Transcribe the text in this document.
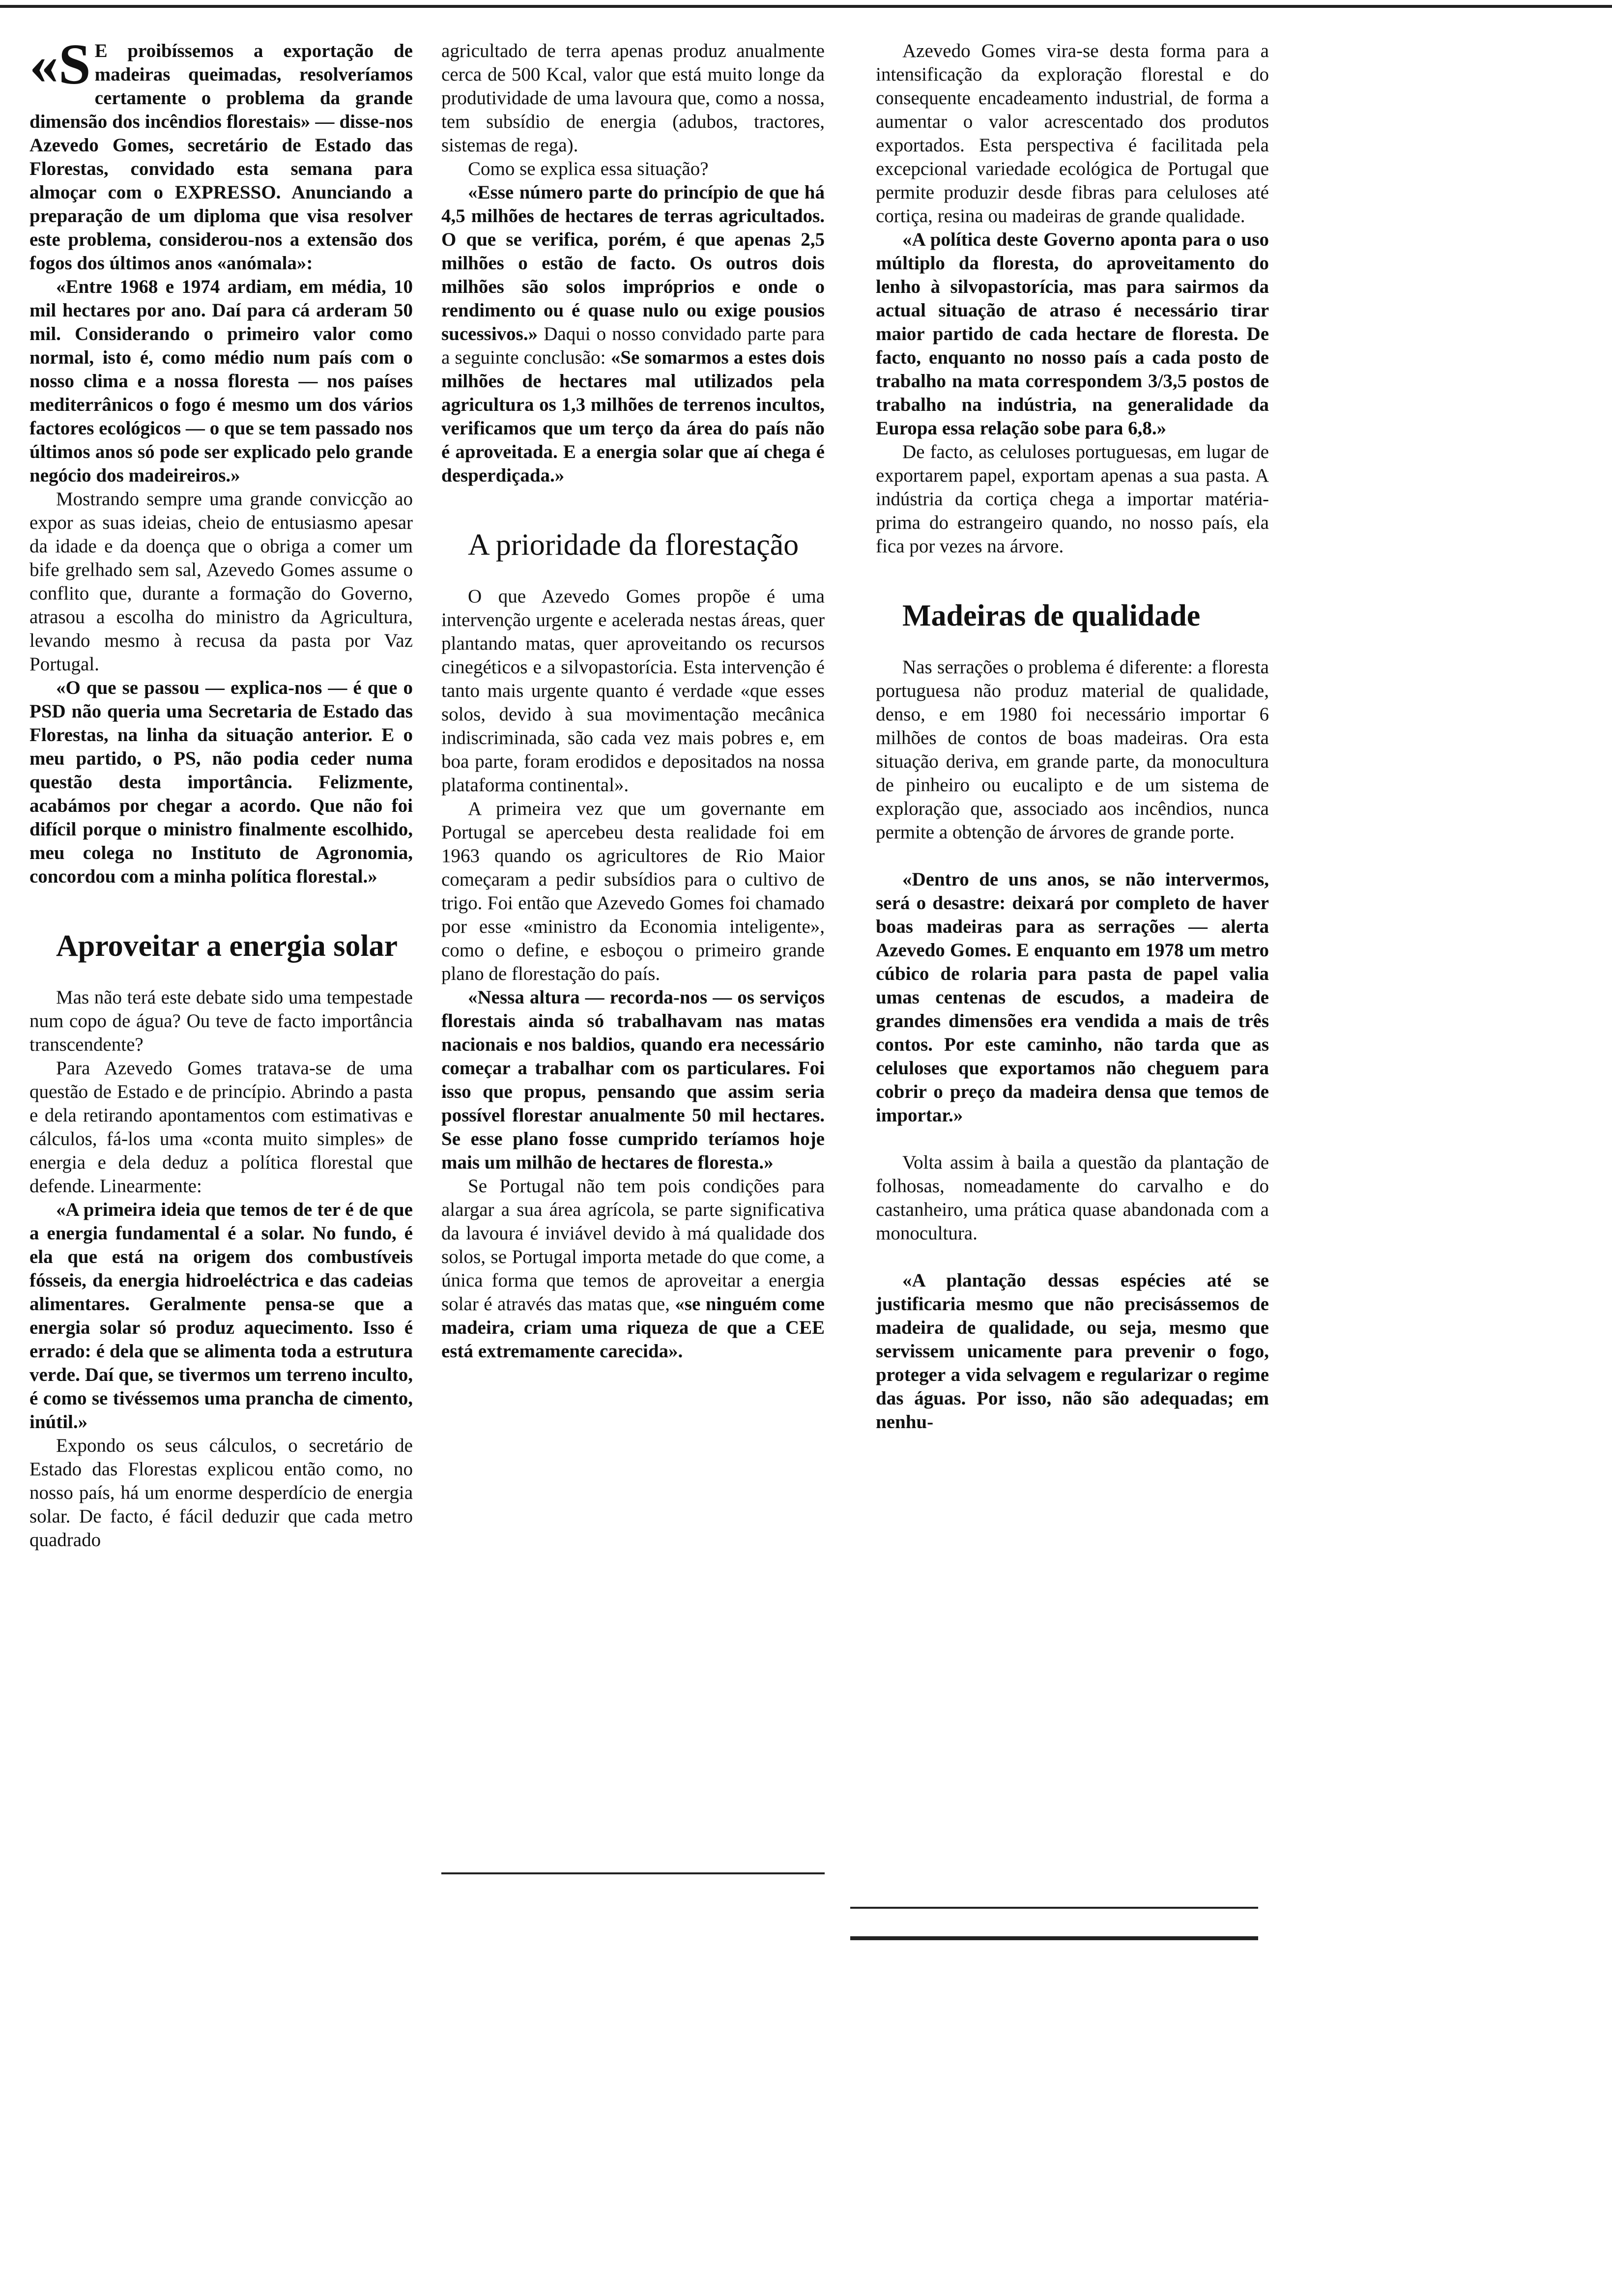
«S E proibíssemos a exportação de madeiras queimadas, resolveríamos certamente o problema da grande dimensão dos incêndios florestais» — disse-nos Azevedo Gomes, secretário de Estado das Florestas, convidado esta semana para almoçar com o EXPRESSO. Anunciando a preparação de um diploma que visa resolver este problema, considerou-nos a extensão dos fogos dos últimos anos «anómala»:

«Entre 1968 e 1974 ardiam, em média, 10 mil hectares por ano. Daí para cá arderam 50 mil. Considerando o primeiro valor como normal, isto é, como médio num país com o nosso clima e a nossa floresta — nos países mediterrânicos o fogo é mesmo um dos vários factores ecológicos — o que se tem passado nos últimos anos só pode ser explicado pelo grande negócio dos madeireiros.»

Mostrando sempre uma grande convicção ao expor as suas ideias, cheio de entusiasmo apesar da idade e da doença que o obriga a comer um bife grelhado sem sal, Azevedo Gomes assume o conflito que, durante a formação do Governo, atrasou a escolha do ministro da Agricultura, levando mesmo à recusa da pasta por Vaz Portugal.

«O que se passou — explica-nos — é que o PSD não queria uma Secretaria de Estado das Florestas, na linha da situação anterior. E o meu partido, o PS, não podia ceder numa questão desta importância. Felizmente, acabámos por chegar a acordo. Que não foi difícil porque o ministro finalmente escolhido, meu colega no Instituto de Agronomia, concordou com a minha política florestal.»

Aproveitar a energia solar

Mas não terá este debate sido uma tempestade num copo de água? Ou teve de facto importância transcendente?

Para Azevedo Gomes tratava-se de uma questão de Estado e de princípio. Abrindo a pasta e dela retirando apontamentos com estimativas e cálculos, fá-los uma «conta muito simples» de energia e dela deduz a política florestal que defende. Linearmente:

«A primeira ideia que temos de ter é de que a energia fundamental é a solar. No fundo, é ela que está na origem dos combustíveis fósseis, da energia hidroeléctrica e das cadeias alimentares. Geralmente pensa-se que a energia solar só produz aquecimento. Isso é errado: é dela que se alimenta toda a estrutura verde. Daí que, se tivermos um terreno inculto, é como se tivéssemos uma prancha de cimento, inútil.»

Expondo os seus cálculos, o secretário de Estado das Florestas explicou então como, no nosso país, há um enorme desperdício de energia solar. De facto, é fácil deduzir que cada metro quadrado

agricultado de terra apenas produz anualmente cerca de 500 Kcal, valor que está muito longe da produtividade de uma lavoura que, como a nossa, tem subsídio de energia (adubos, tractores, sistemas de rega).

Como se explica essa situação?

«Esse número parte do princípio de que há 4,5 milhões de hectares de terras agricultados. O que se verifica, porém, é que apenas 2,5 milhões o estão de facto. Os outros dois milhões são solos impróprios e onde o rendimento ou é quase nulo ou exige pousios sucessivos.» Daqui o nosso convidado parte para a seguinte conclusão: «Se somarmos a estes dois milhões de hectares mal utilizados pela agricultura os 1,3 milhões de terrenos incultos, verificamos que um terço da área do país não é aproveitada. E a energia solar que aí chega é desperdiçada.»

A prioridade da florestação

O que Azevedo Gomes propõe é uma intervenção urgente e acelerada nestas áreas, quer plantando matas, quer aproveitando os recursos cinegéticos e a silvopastorícia. Esta intervenção é tanto mais urgente quanto é verdade «que esses solos, devido à sua movimentação mecânica indiscriminada, são cada vez mais pobres e, em boa parte, foram erodidos e depositados na nossa plataforma continental».

A primeira vez que um governante em Portugal se apercebeu desta realidade foi em 1963 quando os agricultores de Rio Maior começaram a pedir subsídios para o cultivo de trigo. Foi então que Azevedo Gomes foi chamado por esse «ministro da Economia inteligente», como o define, e esboçou o primeiro grande plano de florestação do país.

«Nessa altura — recorda-nos — os serviços florestais ainda só trabalhavam nas matas nacionais e nos baldios, quando era necessário começar a trabalhar com os particulares. Foi isso que propus, pensando que assim seria possível florestar anualmente 50 mil hectares. Se esse plano fosse cumprido teríamos hoje mais um milhão de hectares de floresta.»

Se Portugal não tem pois condições para alargar a sua área agrícola, se parte significativa da lavoura é inviável devido à má qualidade dos solos, se Portugal importa metade do que come, a única forma que temos de aproveitar a energia solar é através das matas que, «se ninguém come madeira, criam uma riqueza de que a CEE está extremamente carecida».

Azevedo Gomes vira-se desta forma para a intensificação da exploração florestal e do consequente encadeamento industrial, de forma a aumentar o valor acrescentado dos produtos exportados. Esta perspectiva é facilitada pela excepcional variedade ecológica de Portugal que permite produzir desde fibras para celuloses até cortiça, resina ou madeiras de grande qualidade.

«A política deste Governo aponta para o uso múltiplo da floresta, do aproveitamento do lenho à silvopastorícia, mas para sairmos da actual situação de atraso é necessário tirar maior partido de cada hectare de floresta. De facto, enquanto no nosso país a cada posto de trabalho na mata correspondem 3/3,5 postos de trabalho na indústria, na generalidade da Europa essa relação sobe para 6,8.»

De facto, as celuloses portuguesas, em lugar de exportarem papel, exportam apenas a sua pasta. A indústria da cortiça chega a importar matéria-prima do estrangeiro quando, no nosso país, ela fica por vezes na árvore.

Madeiras de qualidade

Nas serrações o problema é diferente: a floresta portuguesa não produz material de qualidade, denso, e em 1980 foi necessário importar 6 milhões de contos de boas madeiras. Ora esta situação deriva, em grande parte, da monocultura de pinheiro ou eucalipto e de um sistema de exploração que, associado aos incêndios, nunca permite a obtenção de árvores de grande porte.

«Dentro de uns anos, se não intervermos, será o desastre: deixará por completo de haver boas madeiras para as serrações — alerta Azevedo Gomes. E enquanto em 1978 um metro cúbico de rolaria para pasta de papel valia umas centenas de escudos, a madeira de grandes dimensões era vendida a mais de três contos. Por este caminho, não tarda que as celuloses que exportamos não cheguem para cobrir o preço da madeira densa que temos de importar.»

Volta assim à baila a questão da plantação de folhosas, nomeadamente do carvalho e do castanheiro, uma prática quase abandonada com a monocultura.

«A plantação dessas espécies até se justificaria mesmo que não precisássemos de madeira de qualidade, ou seja, mesmo que servissem unicamente para prevenir o fogo, proteger a vida selvagem e regularizar o regime das águas. Por isso, não são adequadas; em nenhu-
